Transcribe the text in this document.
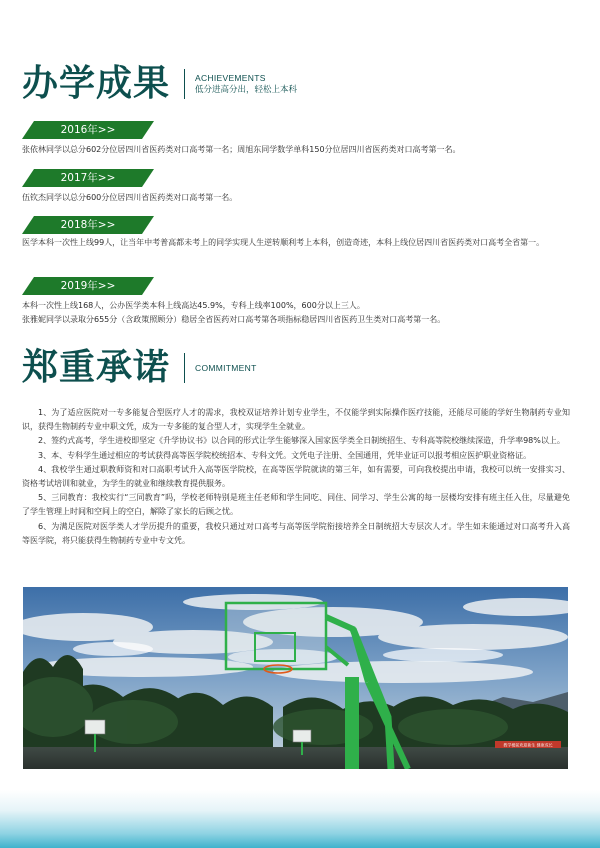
办学成果	ACHIEVEMENTS
低分进高分出，轻松上本科
2016年>>
张依林同学以总分602分位居四川省医药类对口高考第一名；周旭东同学数学单科150分位居四川省医药类对口高考第一名。
2017年>>
伍钦杰同学以总分600分位居四川省医药类对口高考第一名。
2018年>>
医学本科一次性上线99人，让当年中考普高都未考上的同学实现人生逆转顺利考上本科，创造奇迹，本科上线位居四川省医药类对口高考全省第一。
2019年>>
本科一次性上线168人，公办医学类本科上线高达45.9%，专科上线率100%，600分以上三人。
张雅妮同学以录取分655分（含政策照顾分）稳居全省医药对口高考第各项指标稳居四川省医药卫生类对口高考第一名。
郑重承诺	COMMITMENT

1、为了适应医院对一专多能复合型医疗人才的需求，我校双证培养计划专业学生，不仅能学到实际操作医疗技能，还能尽可能的学好生物制药专业知识，获得生物制药专业中职文凭，成为一专多能的复合型人才，实现学生全就业。

2、签约式高考，学生进校即坚定《升学协议书》以合同的形式让学生能够深入国家医学类全日制统招生、专科高等院校继续深造，升学率98%以上。

3、本、专科学生通过相应的考试获得高等医学院校统招本、专科文凭。文凭电子注册、全国通用，凭毕业证可以报考相应医护职业资格证。

4、我校学生通过职教师资和对口高职考试升入高等医学院校，在高等医学院就读的第三年，如有需要，可向我校提出申请，我校可以统一安排实习、资格考试培训和就业，为学生的就业和继续教育提供服务。

5、三同教育：我校实行“三同教育”吗，学校老师特别是班主任老师和学生同吃、同住、同学习、学生公寓的每一层楼均安排有班主任入住，尽量避免了学生管理上时间和空间上的空白，解除了家长的后顾之忧。

6、为满足医院对医学类人才学历提升的重要，我校只通过对口高考与高等医学院衔接培养全日制统招大专层次人才。学生如未能通过对口高考升入高等医学院，将只能获得生物制药专业中专文凭。

教学楼前欢迎新生 健康成长
